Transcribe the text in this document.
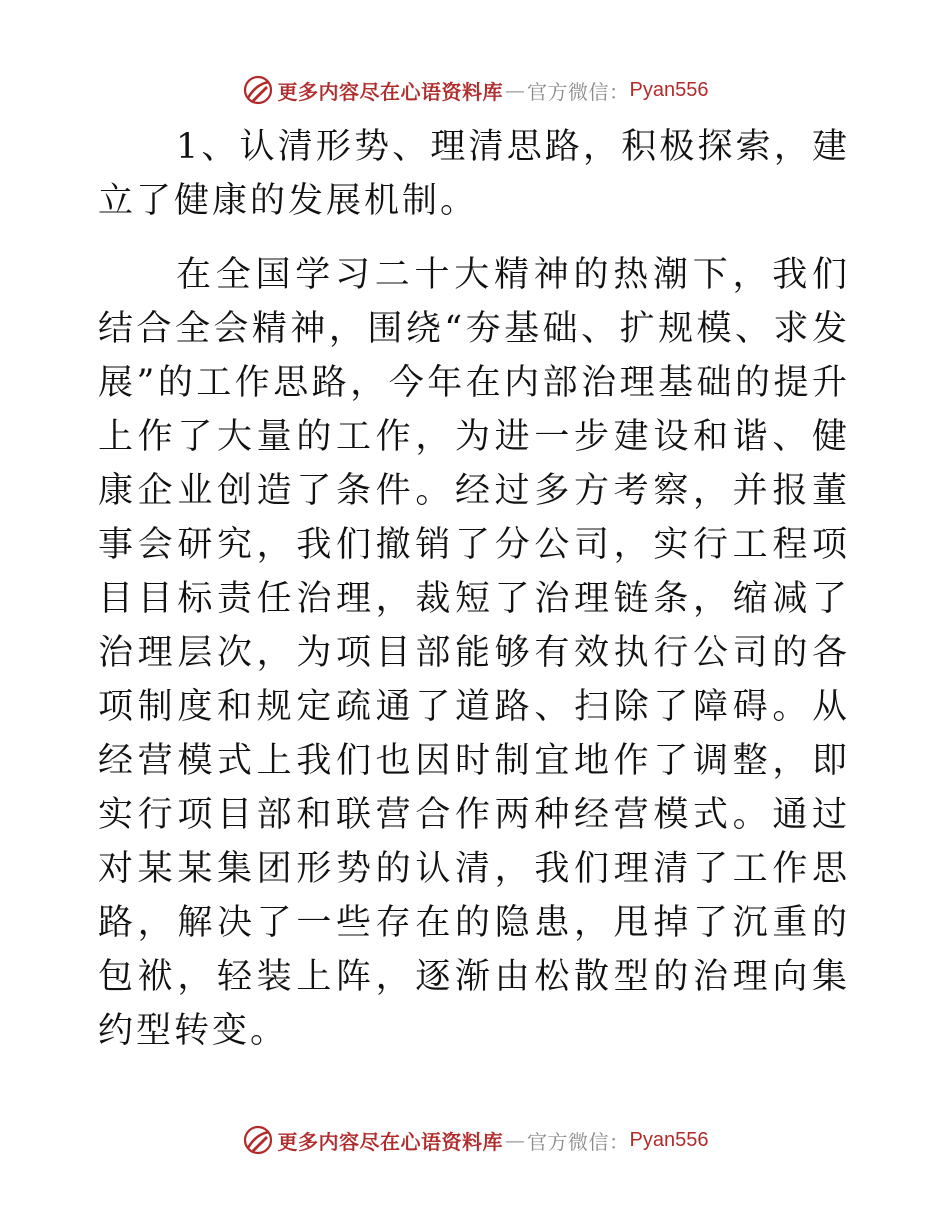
更多内容尽在心语资料库 — 官方微信： Pyan556

1、认清形势、理清思路，积极探索，建立了健康的发展机制。

在全国学习二十大精神的热潮下，我们结合全会精神，围绕“夯基础、扩规模、求发展”的工作思路，今年在内部治理基础的提升上作了大量的工作，为进一步建设和谐、健康企业创造了条件。经过多方考察，并报董事会研究，我们撤销了分公司，实行工程项目目标责任治理，裁短了治理链条，缩减了治理层次，为项目部能够有效执行公司的各项制度和规定疏通了道路、扫除了障碍。从经营模式上我们也因时制宜地作了调整，即实行项目部和联营合作两种经营模式。通过对某某集团形势的认清，我们理清了工作思路，解决了一些存在的隐患，甩掉了沉重的包袱，轻装上阵，逐渐由松散型的治理向集约型转变。

更多内容尽在心语资料库 — 官方微信： Pyan556
